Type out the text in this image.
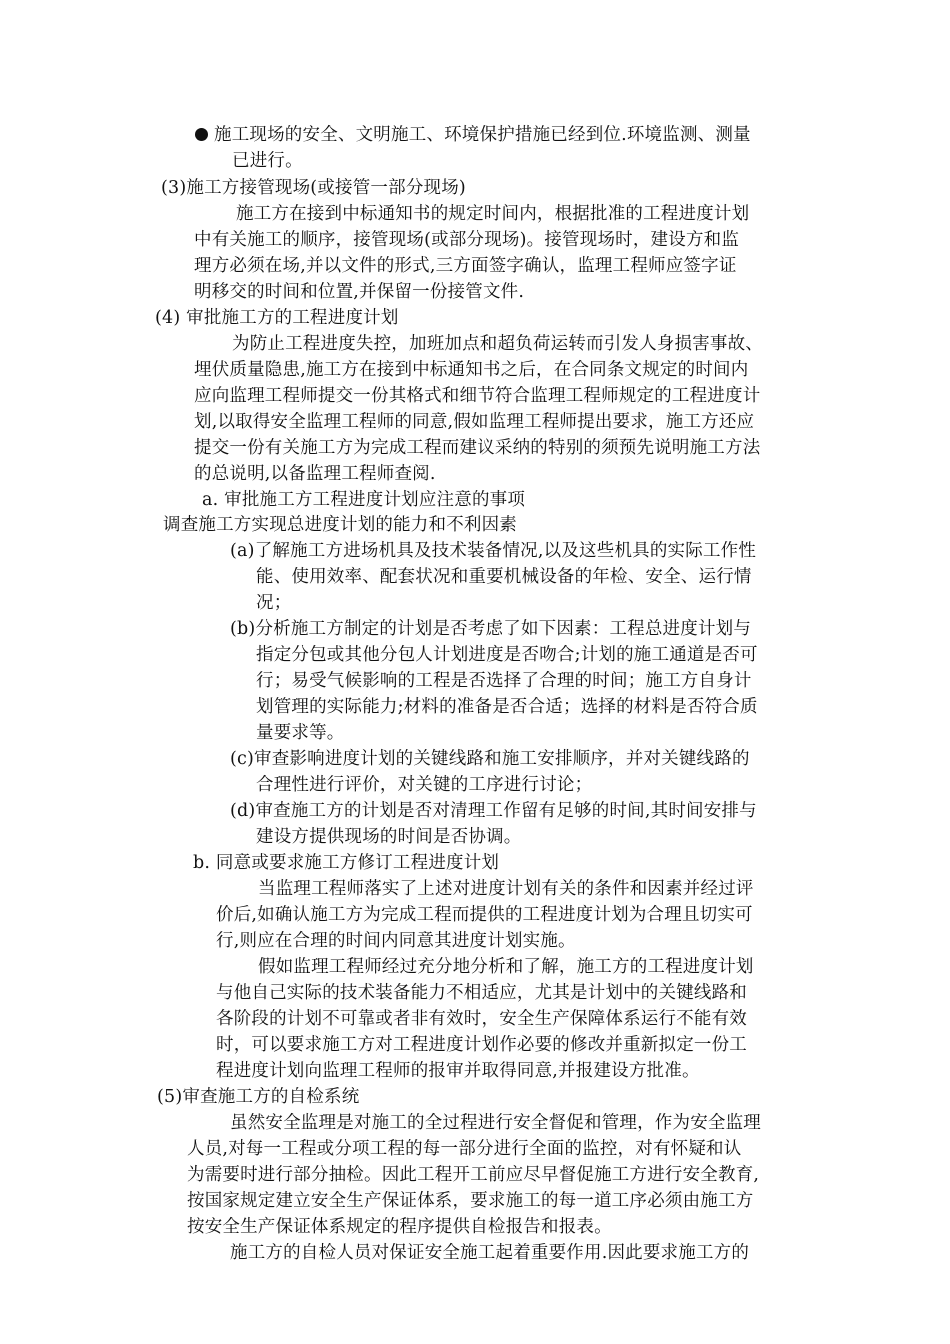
施工现场的安全、文明施工、环境保护措施已经到位.环境监测、测量
已进行。
(3)施工方接管现场(或接管一部分现场)
施工方在接到中标通知书的规定时间内，根据批准的工程进度计划
中有关施工的顺序，接管现场(或部分现场)。接管现场时，建设方和监
理方必须在场,并以文件的形式,三方面签字确认，监理工程师应签字证
明移交的时间和位置,并保留一份接管文件.
(4) 审批施工方的工程进度计划
为防止工程进度失控，加班加点和超负荷运转而引发人身损害事故、
埋伏质量隐患,施工方在接到中标通知书之后，在合同条文规定的时间内
应向监理工程师提交一份其格式和细节符合监理工程师规定的工程进度计
划,以取得安全监理工程师的同意,假如监理工程师提出要求，施工方还应
提交一份有关施工方为完成工程而建议采纳的特别的须预先说明施工方法
的总说明,以备监理工程师查阅.
a. 审批施工方工程进度计划应注意的事项
调查施工方实现总进度计划的能力和不利因素
(a)了解施工方进场机具及技术装备情况,以及这些机具的实际工作性
能、使用效率、配套状况和重要机械设备的年检、安全、运行情
况；
(b)分析施工方制定的计划是否考虑了如下因素：工程总进度计划与
指定分包或其他分包人计划进度是否吻合;计划的施工通道是否可
行；易受气候影响的工程是否选择了合理的时间；施工方自身计
划管理的实际能力;材料的准备是否合适；选择的材料是否符合质
量要求等。
(c)审查影响进度计划的关键线路和施工安排顺序，并对关键线路的
合理性进行评价，对关键的工序进行讨论；
(d)审查施工方的计划是否对清理工作留有足够的时间,其时间安排与
建设方提供现场的时间是否协调。
b. 同意或要求施工方修订工程进度计划
当监理工程师落实了上述对进度计划有关的条件和因素并经过评
价后,如确认施工方为完成工程而提供的工程进度计划为合理且切实可
行,则应在合理的时间内同意其进度计划实施。
假如监理工程师经过充分地分析和了解，施工方的工程进度计划
与他自己实际的技术装备能力不相适应，尤其是计划中的关键线路和
各阶段的计划不可靠或者非有效时，安全生产保障体系运行不能有效
时，可以要求施工方对工程进度计划作必要的修改并重新拟定一份工
程进度计划向监理工程师的报审并取得同意,并报建设方批准。
(5)审查施工方的自检系统
虽然安全监理是对施工的全过程进行安全督促和管理，作为安全监理
人员,对每一工程或分项工程的每一部分进行全面的监控，对有怀疑和认
为需要时进行部分抽检。因此工程开工前应尽早督促施工方进行安全教育,
按国家规定建立安全生产保证体系，要求施工的每一道工序必须由施工方
按安全生产保证体系规定的程序提供自检报告和报表。
施工方的自检人员对保证安全施工起着重要作用.因此要求施工方的
